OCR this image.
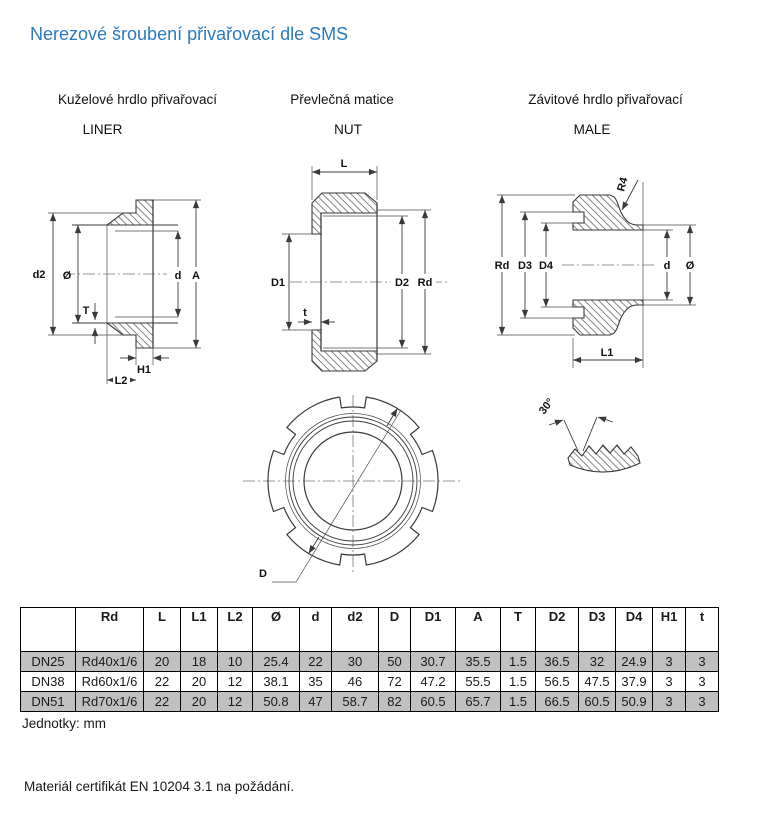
Nerezové šroubení přivařovací dle SMS
Kuželové hrdlo přivařovací
LINER
Převlečná matice
NUT
Závitové hrdlo přivařovací
MALE
d2 Ø
T
d A
H1
L2
L
D1
t
D2 Rd
R4
Rd D3 D4	d Ø
L1
D
30°
	Rd	L	L1	L2	Ø	d	d2	D	D1	A	T	D2	D3	D4	H1	t
DN25	Rd40x1/6	20	18	10	25.4	22	30	50	30.7	35.5	1.5	36.5	32	24.9	3	3
DN38	Rd60x1/6	22	20	12	38.1	35	46	72	47.2	55.5	1.5	56.5	47.5	37.9	3	3
DN51	Rd70x1/6	22	20	12	50.8	47	58.7	82	60.5	65.7	1.5	66.5	60.5	50.9	3	3
Jednotky: mm
Materiál certifikát EN 10204 3.1 na požádání.
